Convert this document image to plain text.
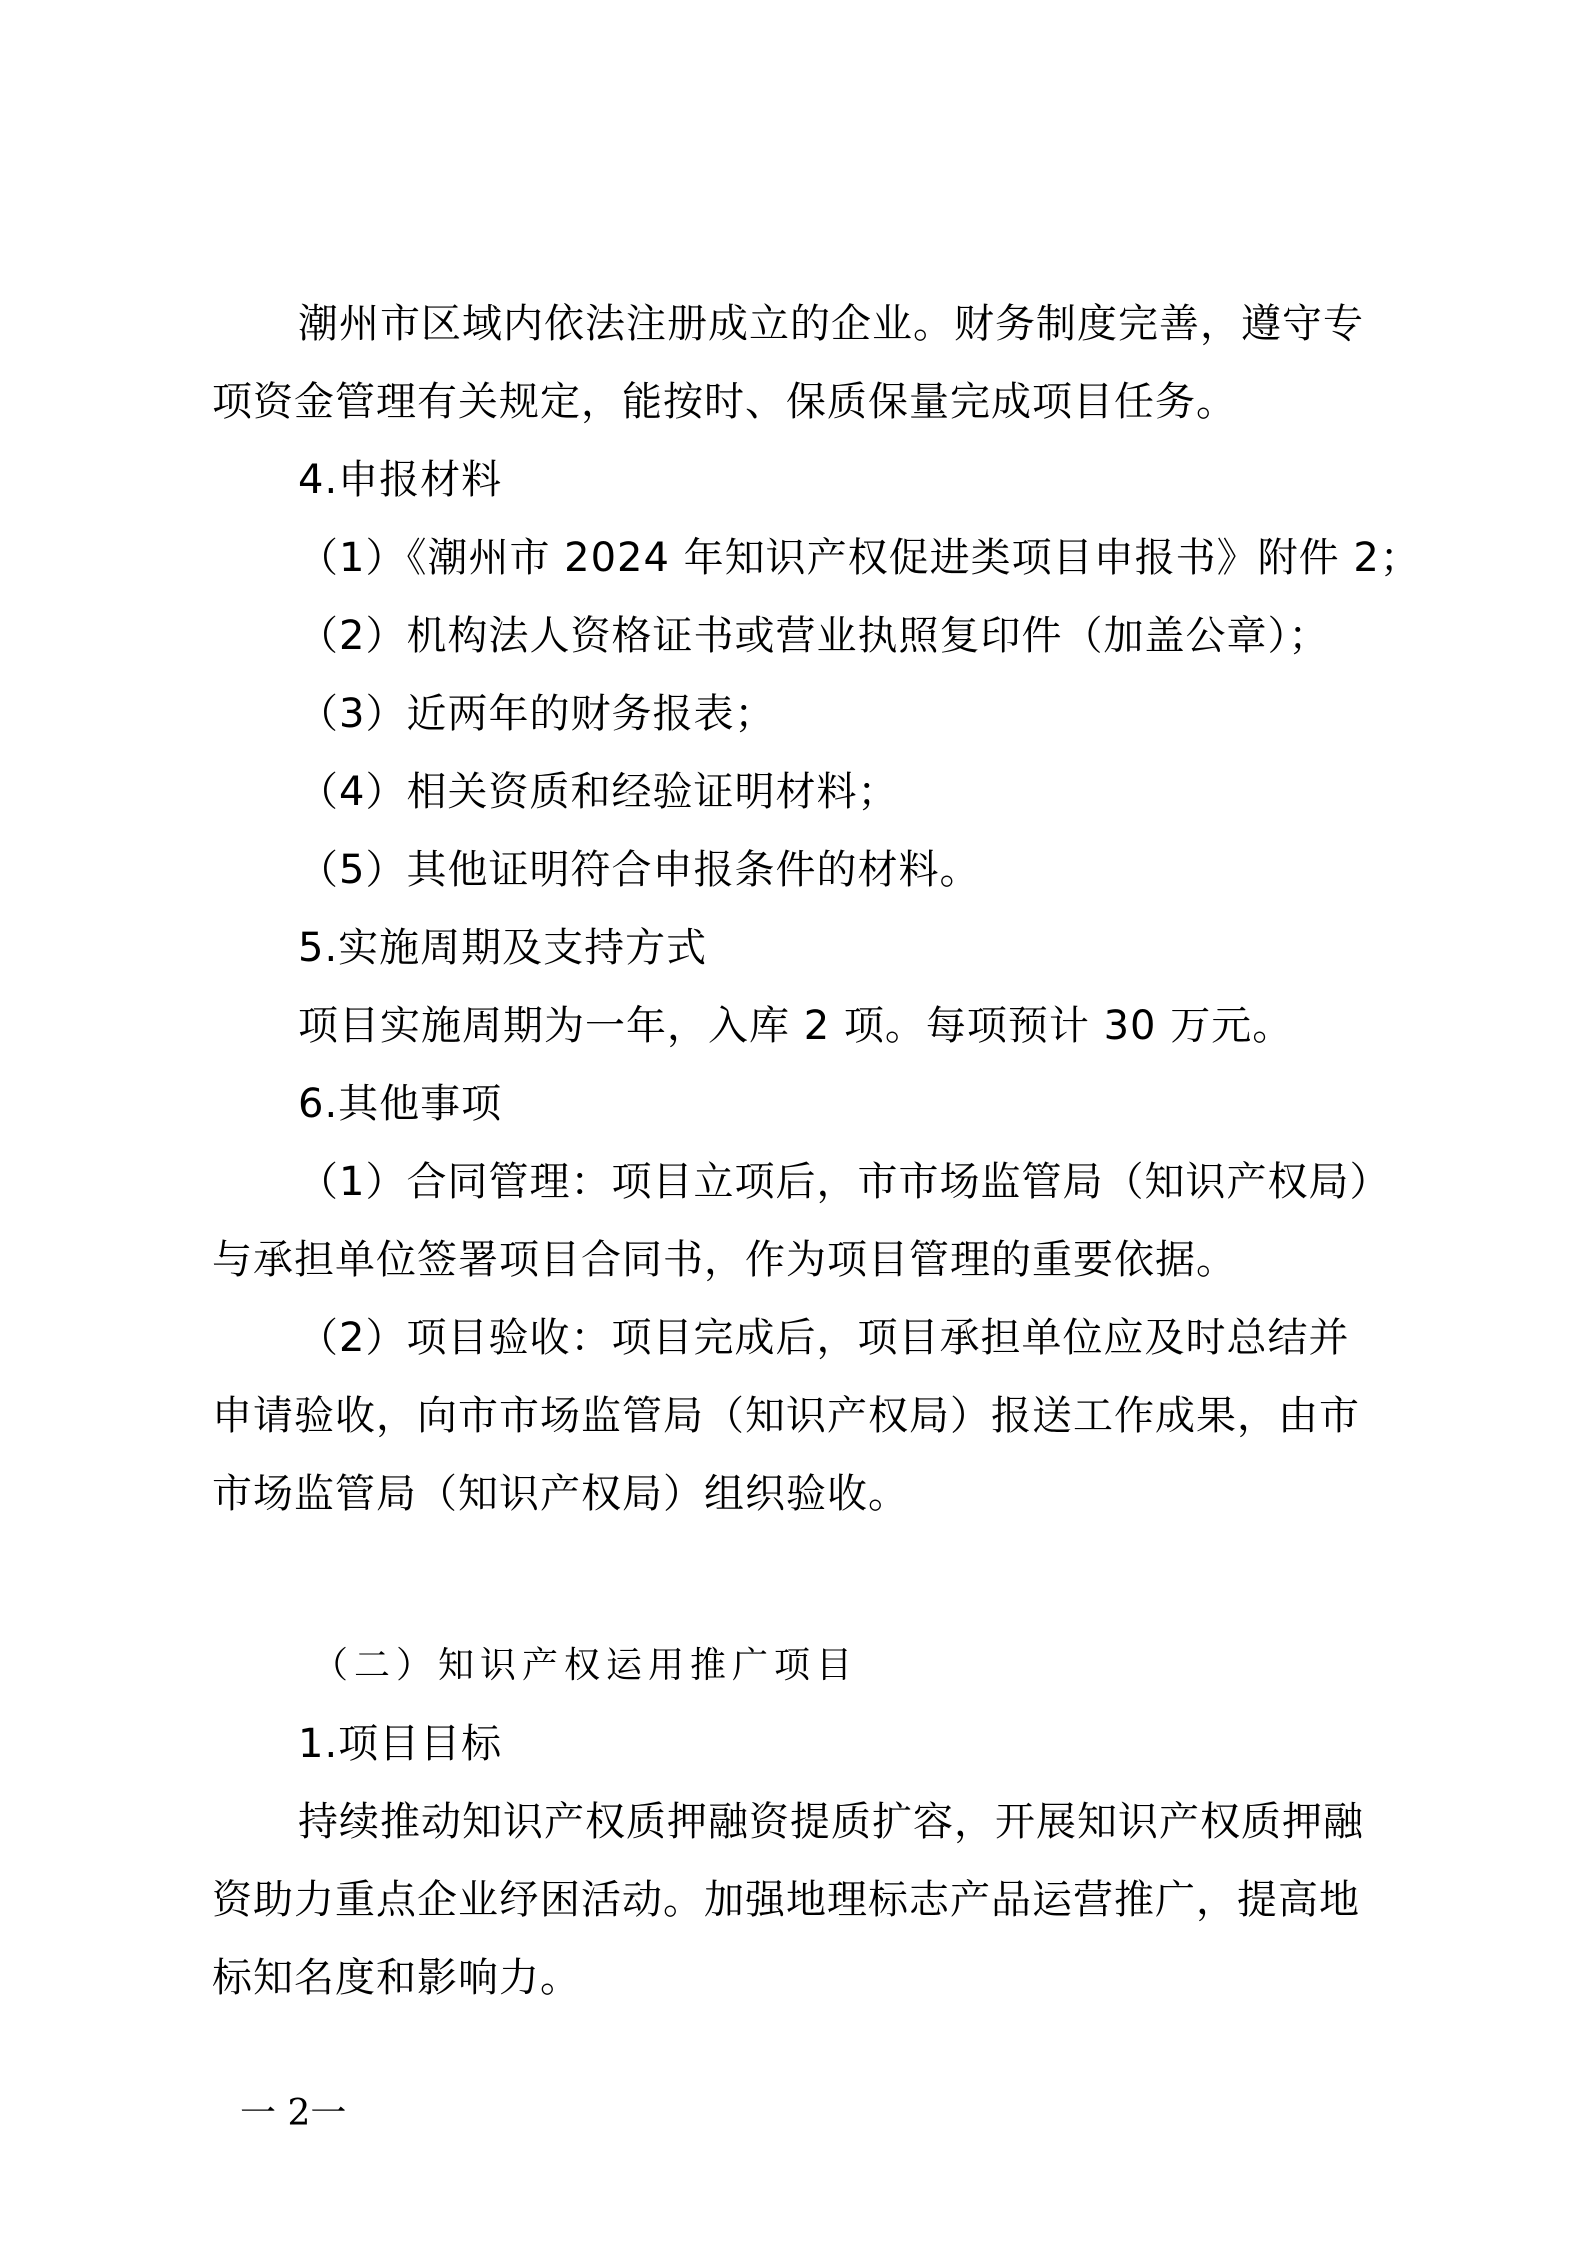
潮州市区域内依法注册成立的企业。财务制度完善，遵守专
项资金管理有关规定，能按时、保质保量完成项目任务。
4.申报材料
（1）《潮州市 2024 年知识产权促进类项目申报书》附件 2；
（2）机构法人资格证书或营业执照复印件（加盖公章）；
（3）近两年的财务报表；
（4）相关资质和经验证明材料；
（5）其他证明符合申报条件的材料。
5.实施周期及支持方式
项目实施周期为一年，入库 2 项。每项预计 30 万元。
6.其他事项
（1）合同管理：项目立项后，市市场监管局（知识产权局）
与承担单位签署项目合同书，作为项目管理的重要依据。
（2）项目验收：项目完成后，项目承担单位应及时总结并
申请验收，向市市场监管局（知识产权局）报送工作成果，由市
市场监管局（知识产权局）组织验收。
（二）知识产权运用推广项目
1.项目目标
持续推动知识产权质押融资提质扩容，开展知识产权质押融
资助力重点企业纾困活动。加强地理标志产品运营推广，提高地
标知名度和影响力。
一 2一
